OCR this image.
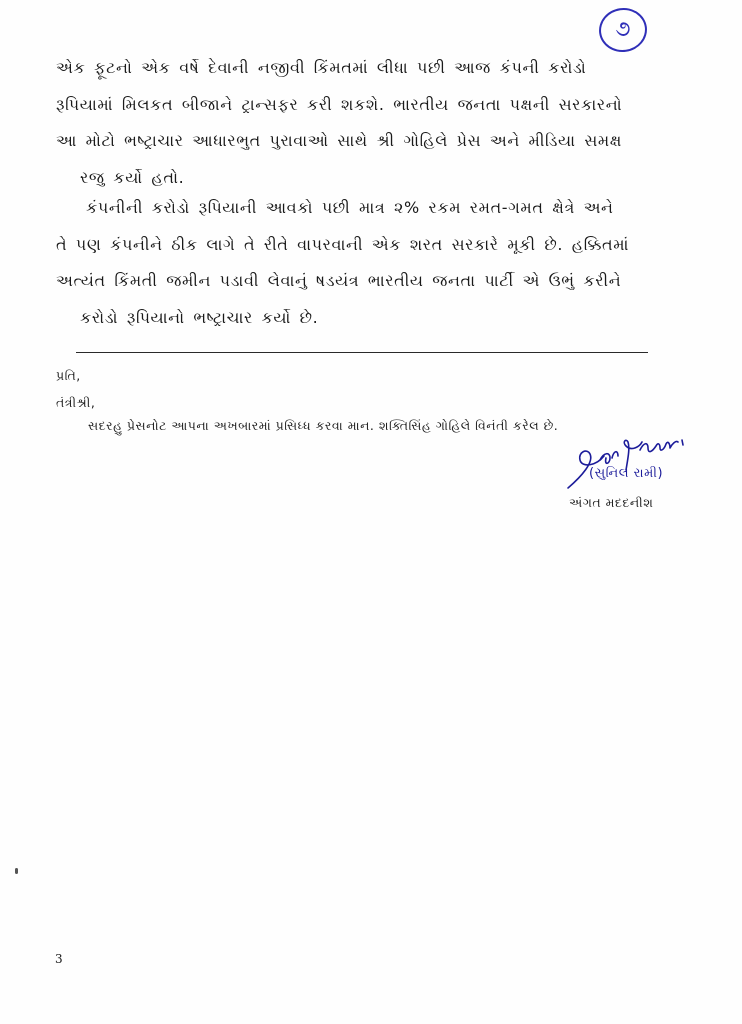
૭

એક ફૂટનો એક વર્ષે દેવાની નજીવી કિંમતમાં લીધા પછી આજ કંપની કરોડો
રૂપિયામાં મિલકત બીજાને ટ્રાન્સફર કરી શકશે. ભારતીય જનતા પક્ષની સરકારનો
આ મોટો ભષ્ટ્રાચાર આધારભુત પુરાવાઓ સાથે શ્રી ગોહિલે પ્રેસ અને મીડિયા સમક્ષ
રજુ કર્યો હતો.

કંપનીની કરોડો રૂપિયાની આવકો પછી માત્ર ૨% રકમ રમત-ગમત ક્ષેત્રે અને
તે પણ કંપનીને ઠીક લાગે તે રીતે વાપરવાની એક શરત સરકારે મૂકી છે. હક્કિતમાં
અત્યંત કિંમતી જમીન પડાવી લેવાનું ષડયંત્ર ભારતીય જનતા પાર્ટી એ ઉભું કરીને
કરોડો રૂપિયાનો ભષ્ટ્રાચાર કર્યો છે.

પ્રતિ,

તંત્રીશ્રી,

સદરહુ પ્રેસનોટ આપના અખબારમાં પ્રસિધ્ધ કરવા માન. શક્તિસિંહ ગોહિલે વિનંતી કરેલ છે.

(સુનિલ રામી)

અંગત મદદનીશ

3
